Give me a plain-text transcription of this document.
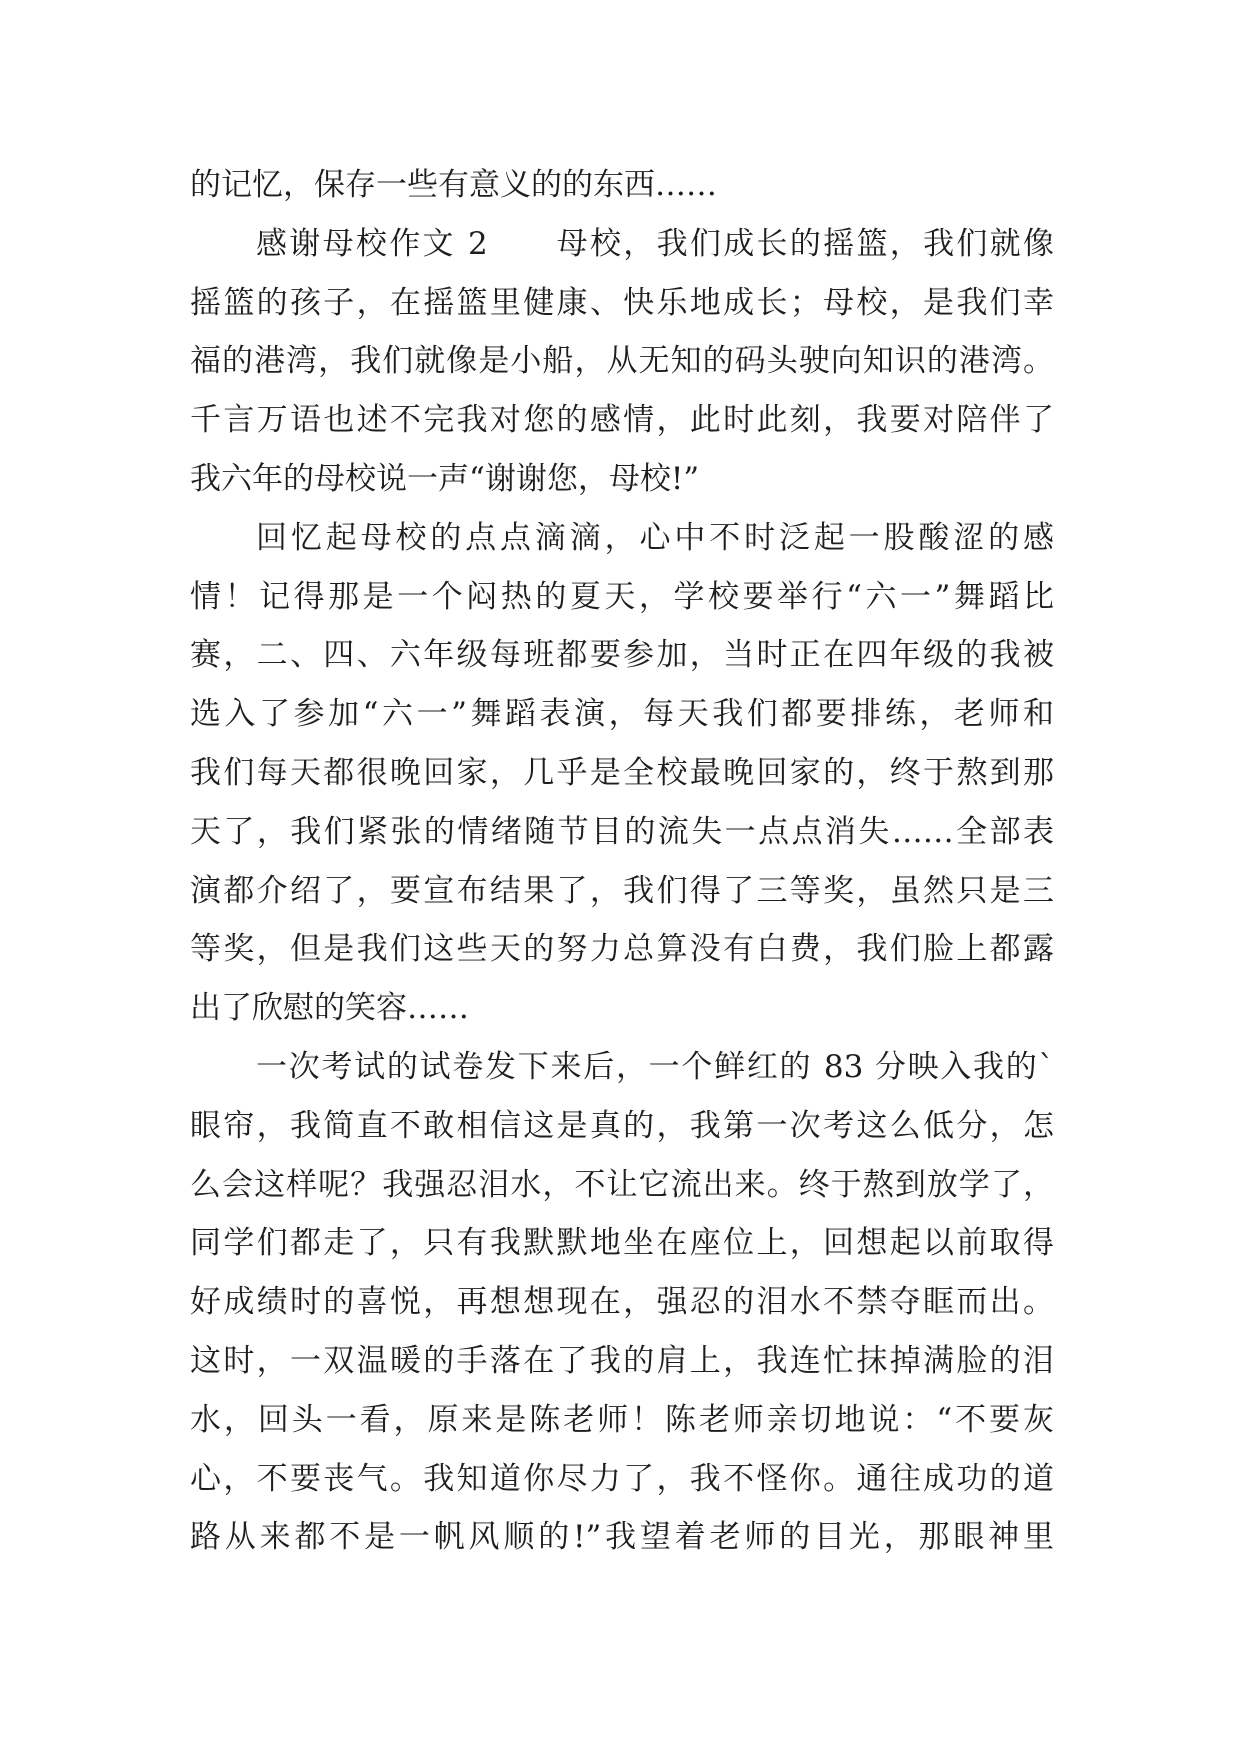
的记忆，保存一些有意义的的东西……
感谢母校作文 2　　母校，我们成长的摇篮，我们就像
摇篮的孩子，在摇篮里健康、快乐地成长；母校，是我们幸
福的港湾，我们就像是小船，从无知的码头驶向知识的港湾。
千言万语也述不完我对您的感情，此时此刻，我要对陪伴了
我六年的母校说一声“谢谢您，母校!”
回忆起母校的点点滴滴，心中不时泛起一股酸涩的感
情！记得那是一个闷热的夏天，学校要举行“六一”舞蹈比
赛，二、四、六年级每班都要参加，当时正在四年级的我被
选入了参加“六一”舞蹈表演，每天我们都要排练，老师和
我们每天都很晚回家，几乎是全校最晚回家的，终于熬到那
天了，我们紧张的情绪随节目的流失一点点消失……全部表
演都介绍了，要宣布结果了，我们得了三等奖，虽然只是三
等奖，但是我们这些天的努力总算没有白费，我们脸上都露
出了欣慰的笑容……
一次考试的试卷发下来后，一个鲜红的 83 分映入我的`
眼帘，我简直不敢相信这是真的，我第一次考这么低分，怎
么会这样呢？我强忍泪水，不让它流出来。终于熬到放学了，
同学们都走了，只有我默默地坐在座位上，回想起以前取得
好成绩时的喜悦，再想想现在，强忍的泪水不禁夺眶而出。
这时，一双温暖的手落在了我的肩上，我连忙抹掉满脸的泪
水，回头一看，原来是陈老师！陈老师亲切地说：“不要灰
心，不要丧气。我知道你尽力了，我不怪你。通往成功的道
路从来都不是一帆风顺的!”我望着老师的目光，那眼神里
